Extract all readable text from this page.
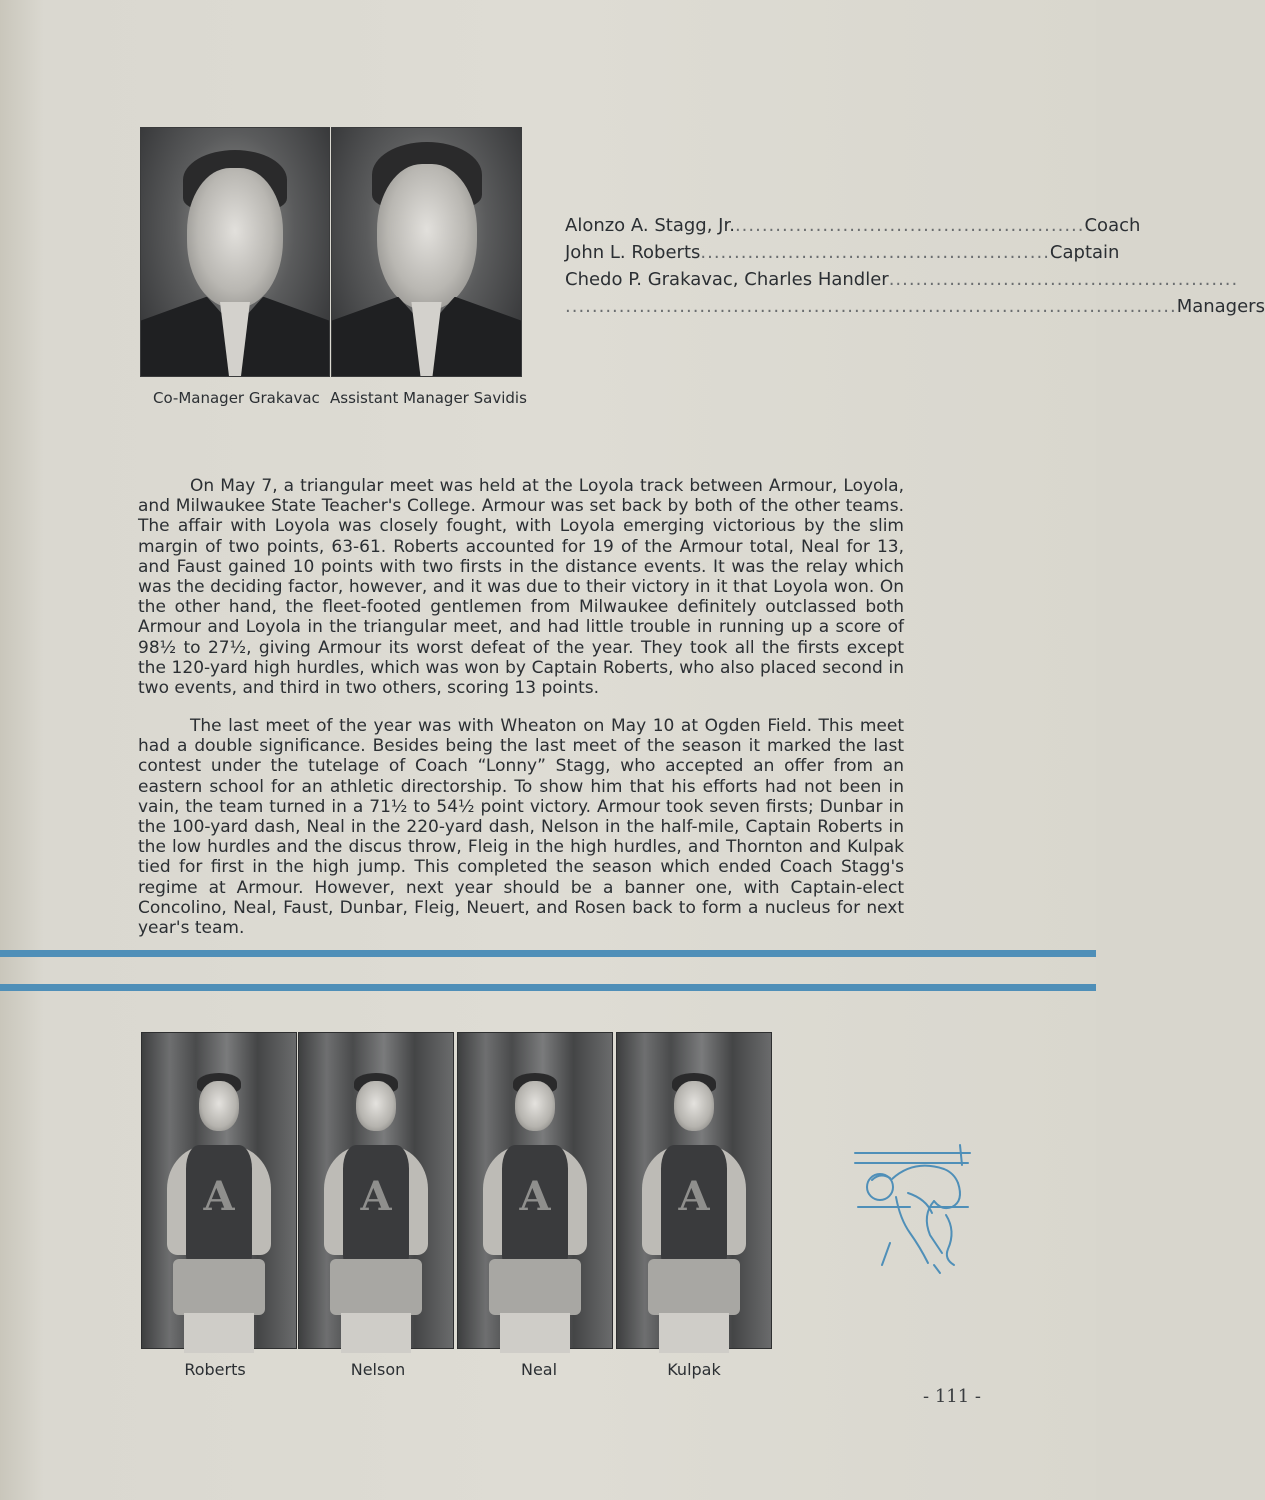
Co-Manager Grakavac Assistant Manager Savidis
Alonzo A. Stagg, Jr. .................................................... Coach
John L. Roberts .................................................... Captain
Chedo P. Grakavac, Charles Handler ....................................................
........................................................................................... Managers

On May 7, a triangular meet was held at the Loyola track between Armour, Loyola, and Milwaukee State Teacher's College. Armour was set back by both of the other teams. The affair with Loyola was closely fought, with Loyola emerging victorious by the slim margin of two points, 63-61. Roberts accounted for 19 of the Armour total, Neal for 13, and Faust gained 10 points with two firsts in the distance events. It was the relay which was the deciding factor, however, and it was due to their victory in it that Loyola won. On the other hand, the fleet-footed gentlemen from Milwaukee definitely outclassed both Armour and Loyola in the triangular meet, and had little trouble in running up a score of 98½ to 27½, giving Armour its worst defeat of the year. They took all the firsts except the 120-yard high hurdles, which was won by Captain Roberts, who also placed second in two events, and third in two others, scoring 13 points.

The last meet of the year was with Wheaton on May 10 at Ogden Field. This meet had a double significance. Besides being the last meet of the season it marked the last contest under the tutelage of Coach “Lonny” Stagg, who accepted an offer from an eastern school for an athletic directorship. To show him that his efforts had not been in vain, the team turned in a 71½ to 54½ point victory. Armour took seven firsts; Dunbar in the 100-yard dash, Neal in the 220-yard dash, Nelson in the half-mile, Captain Roberts in the low hurdles and the discus throw, Fleig in the high hurdles, and Thornton and Kulpak tied for first in the high jump. This completed the season which ended Coach Stagg's regime at Armour. However, next year should be a banner one, with Captain-elect Concolino, Neal, Faust, Dunbar, Fleig, Neuert, and Rosen back to form a nucleus for next year's team.

A	A	A	A
Roberts	Nelson	Neal	Kulpak
- 111 -
